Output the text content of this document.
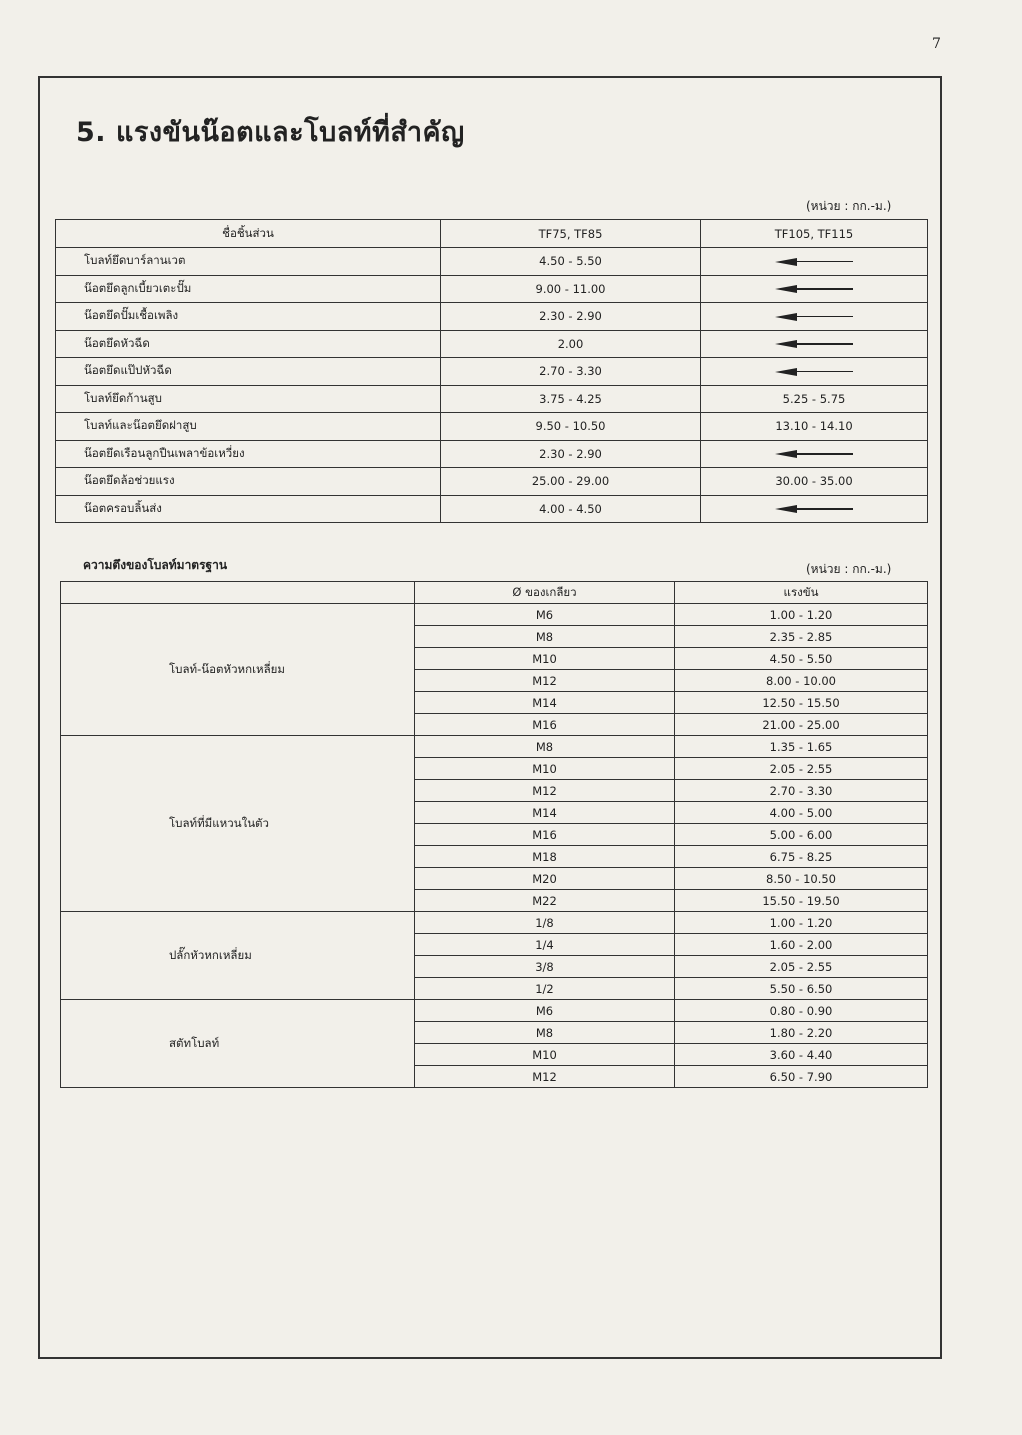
7
5. แรงขันน๊อตและโบลท์ที่สำคัญ
(หน่วย : กก.-ม.)
ชื่อชิ้นส่วน	TF75, TF85	TF105, TF115
โบลท์ยึดบาร์ลานเวต	4.50 - 5.50	
น๊อตยึดลูกเบี้ยวเตะปั๊ม	9.00 - 11.00	
น๊อตยึดปั๊มเชื้อเพลิง	2.30 - 2.90	
น๊อตยึดหัวฉีด	2.00	
น๊อตยึดแป๊ปหัวฉีด	2.70 - 3.30	
โบลท์ยึดก้านสูบ	3.75 - 4.25	5.25 - 5.75
โบลท์และน๊อตยึดฝาสูบ	9.50 - 10.50	13.10 - 14.10
น๊อตยึดเรือนลูกปืนเพลาข้อเหวี่ยง	2.30 - 2.90	
น๊อตยึดล้อช่วยแรง	25.00 - 29.00	30.00 - 35.00
น๊อตครอบลิ้นส่ง	4.00 - 4.50	
ความตึงของโบลท์มาตรฐาน	(หน่วย : กก.-ม.)
	Ø ของเกลียว	แรงขัน
โบลท์-น๊อตหัวหกเหลี่ยม	M6	1.00 - 1.20
	M8	2.35 - 2.85
	M10	4.50 - 5.50
	M12	8.00 - 10.00
	M14	12.50 - 15.50
	M16	21.00 - 25.00
โบลท์ที่มีแหวนในตัว	M8	1.35 - 1.65
	M10	2.05 - 2.55
	M12	2.70 - 3.30
	M14	4.00 - 5.00
	M16	5.00 - 6.00
	M18	6.75 - 8.25
	M20	8.50 - 10.50
	M22	15.50 - 19.50
ปลั๊กหัวหกเหลี่ยม	1/8	1.00 - 1.20
	1/4	1.60 - 2.00
	3/8	2.05 - 2.55
	1/2	5.50 - 6.50
สตัทโบลท์	M6	0.80 - 0.90
	M8	1.80 - 2.20
	M10	3.60 - 4.40
	M12	6.50 - 7.90
